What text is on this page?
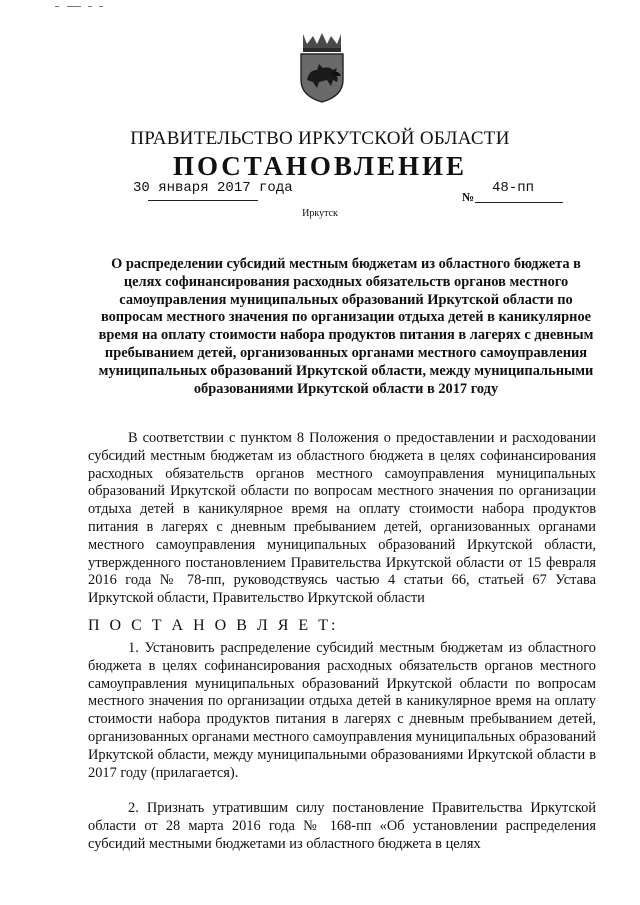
ПРАВИТЕЛЬСТВО ИРКУТСКОЙ ОБЛАСТИ
ПОСТАНОВЛЕНИЕ
30 января 2017 года
№
48-пп
Иркутск
О распределении субсидий местным бюджетам из областного бюджета в целях софинансирования расходных обязательств органов местного самоуправления муниципальных образований Иркутской области по вопросам местного значения по организации отдыха детей в каникулярное время на оплату стоимости набора продуктов питания в лагерях с дневным пребыванием детей, организованных органами местного самоуправления муниципальных образований Иркутской области, между муниципальными образованиями Иркутской области в 2017 году
В соответствии с пунктом 8 Положения о предоставлении и расходовании субсидий местным бюджетам из областного бюджета в целях софинансирования расходных обязательств органов местного самоуправления муниципальных образований Иркутской области по вопросам местного значения по организации отдыха детей в каникулярное время на оплату стоимости набора продуктов питания в лагерях с дневным пребыванием детей, организованных органами местного самоуправления муниципальных образований Иркутской области, утвержденного постановлением Правительства Иркутской области от 15 февраля 2016 года № 78-пп, руководствуясь частью 4 статьи 66, статьей 67 Устава Иркутской области, Правительство Иркутской области
П О С Т А Н О В Л Я Е Т:
1. Установить распределение субсидий местным бюджетам из областного бюджета в целях софинансирования расходных обязательств органов местного самоуправления муниципальных образований Иркутской области по вопросам местного значения по организации отдыха детей в каникулярное время на оплату стоимости набора продуктов питания в лагерях с дневным пребыванием детей, организованных органами местного самоуправления муниципальных образований Иркутской области, между муниципальными образованиями Иркутской области в 2017 году (прилагается).
2. Признать утратившим силу постановление Правительства Иркутской области от 28 марта 2016 года № 168-пп «Об установлении распределения субсидий местными бюджетами из областного бюджета в целях
